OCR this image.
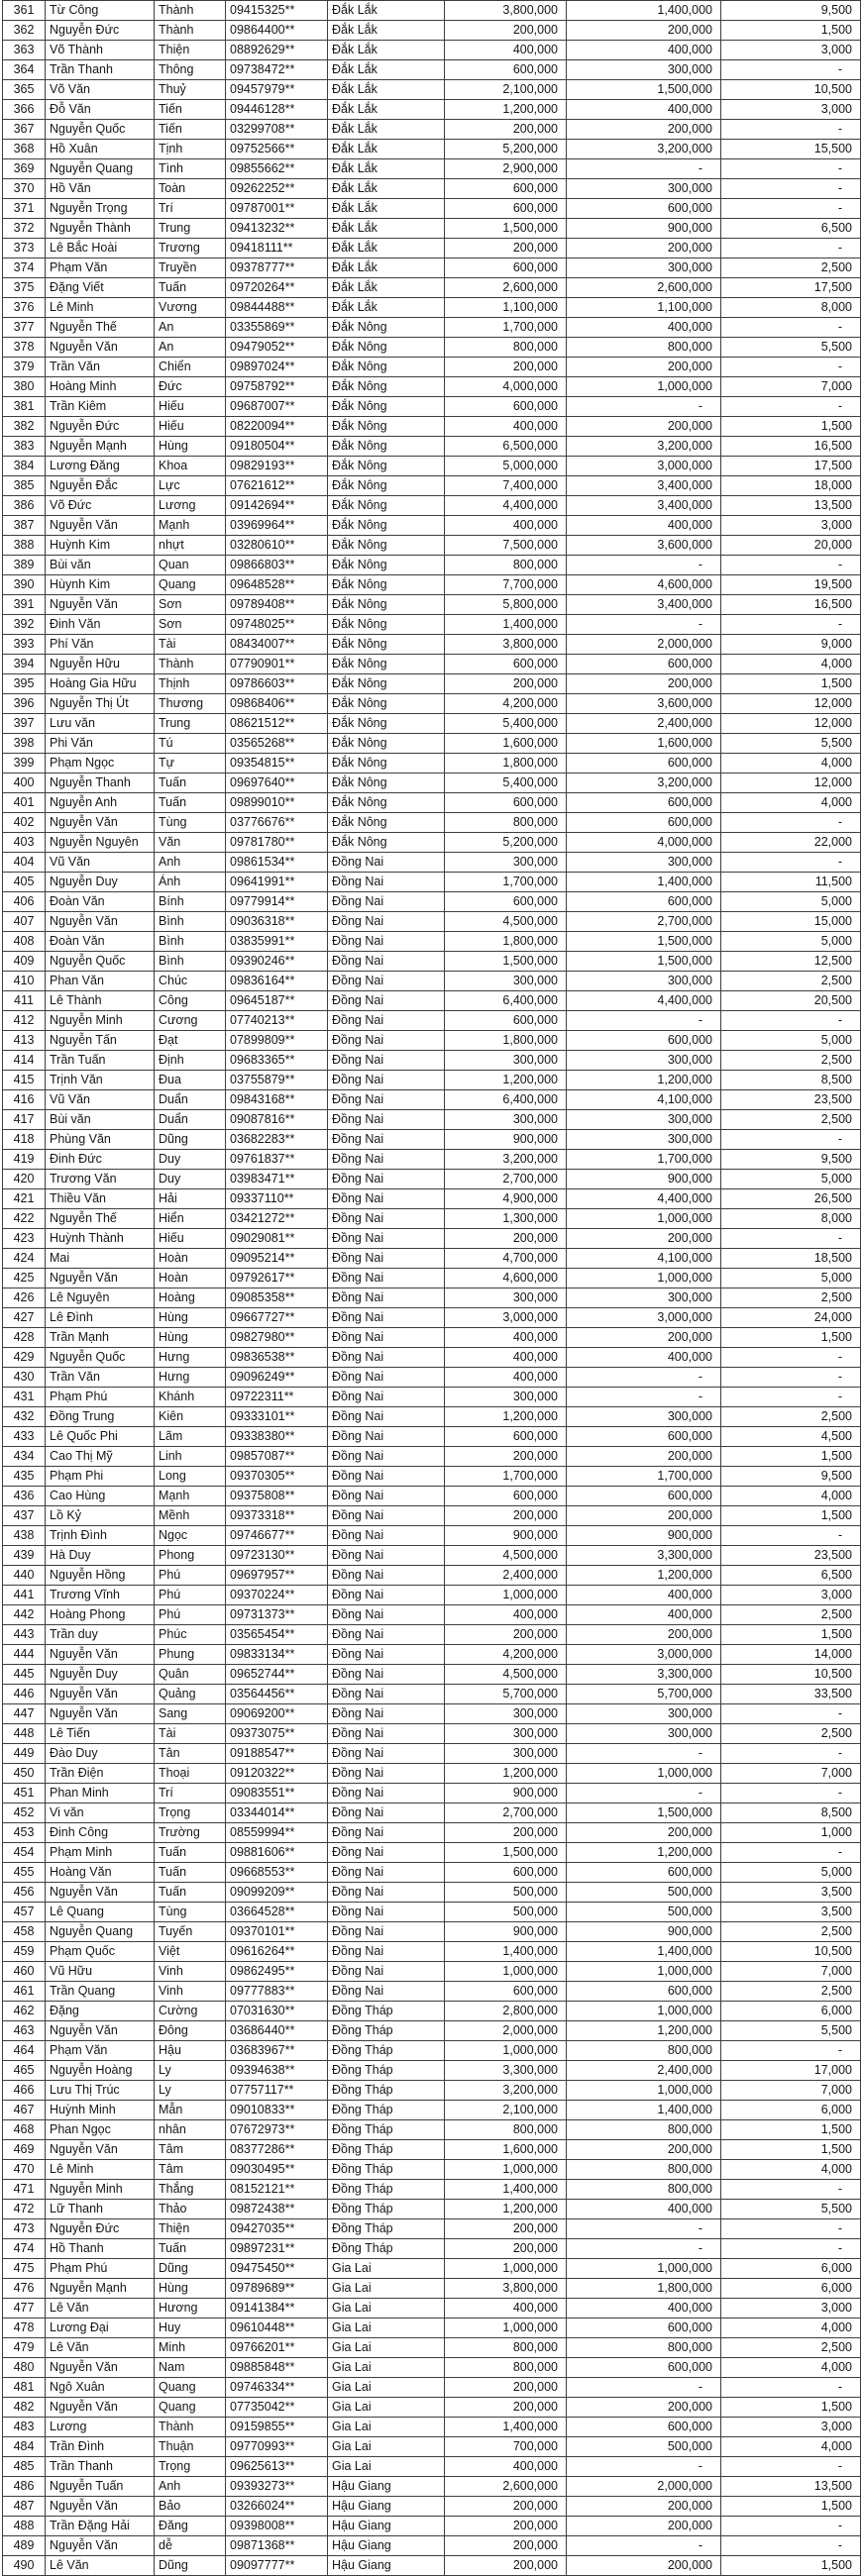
361	Từ Công	Thành	09415325**	Đắk Lắk	3,800,000	1,400,000	9,500
362	Nguyễn Đức	Thành	09864400**	Đắk Lắk	200,000	200,000	1,500
363	Võ Thành	Thiện	08892629**	Đắk Lắk	400,000	400,000	3,000
364	Trần Thanh	Thông	09738472**	Đắk Lắk	600,000	300,000	-
365	Võ Văn	Thuỷ	09457979**	Đắk Lắk	2,100,000	1,500,000	10,500
366	Đỗ Văn	Tiến	09446128**	Đắk Lắk	1,200,000	400,000	3,000
367	Nguyễn Quốc	Tiến	03299708**	Đắk Lắk	200,000	200,000	-
368	Hồ Xuân	Tịnh	09752566**	Đắk Lắk	5,200,000	3,200,000	15,500
369	Nguyễn Quang	Tình	09855662**	Đắk Lắk	2,900,000	-	-
370	Hồ Văn	Toàn	09262252**	Đắk Lắk	600,000	300,000	-
371	Nguyễn Trọng	Trí	09787001**	Đắk Lắk	600,000	600,000	-
372	Nguyễn Thành	Trung	09413232**	Đắk Lắk	1,500,000	900,000	6,500
373	Lê Bắc Hoài	Trương	09418111**	Đắk Lắk	200,000	200,000	-
374	Phạm Văn	Truyền	09378777**	Đắk Lắk	600,000	300,000	2,500
375	Đặng Viết	Tuấn	09720264**	Đắk Lắk	2,600,000	2,600,000	17,500
376	Lê Minh	Vương	09844488**	Đắk Lắk	1,100,000	1,100,000	8,000
377	Nguyễn Thế	An	03355869**	Đắk Nông	1,700,000	400,000	-
378	Nguyễn Văn	An	09479052**	Đắk Nông	800,000	800,000	5,500
379	Trần Văn	Chiển	09897024**	Đắk Nông	200,000	200,000	-
380	Hoàng Minh	Đức	09758792**	Đắk Nông	4,000,000	1,000,000	7,000
381	Trần Kiêm	Hiếu	09687007**	Đắk Nông	600,000	-	-
382	Nguyễn Đức	Hiếu	08220094**	Đắk Nông	400,000	200,000	1,500
383	Nguyễn Mạnh	Hùng	09180504**	Đắk Nông	6,500,000	3,200,000	16,500
384	Lương Đăng	Khoa	09829193**	Đắk Nông	5,000,000	3,000,000	17,500
385	Nguyễn Đắc	Lực	07621612**	Đắk Nông	7,400,000	3,400,000	18,000
386	Võ Đức	Lương	09142694**	Đắk Nông	4,400,000	3,400,000	13,500
387	Nguyễn Văn	Mạnh	03969964**	Đắk Nông	400,000	400,000	3,000
388	Huỳnh Kim	nhựt	03280610**	Đắk Nông	7,500,000	3,600,000	20,000
389	Bùi văn	Quan	09866803**	Đắk Nông	800,000	-	-
390	Hùynh Kim	Quang	09648528**	Đắk Nông	7,700,000	4,600,000	19,500
391	Nguyễn Văn	Sơn	09789408**	Đắk Nông	5,800,000	3,400,000	16,500
392	Đinh Văn	Sơn	09748025**	Đắk Nông	1,400,000	-	-
393	Phí Văn	Tài	08434007**	Đắk Nông	3,800,000	2,000,000	9,000
394	Nguyễn Hữu	Thành	07790901**	Đắk Nông	600,000	600,000	4,000
395	Hoàng Gia Hữu	Thịnh	09786603**	Đắk Nông	200,000	200,000	1,500
396	Nguyễn Thị Út	Thương	09868406**	Đắk Nông	4,200,000	3,600,000	12,000
397	Lưu văn	Trung	08621512**	Đắk Nông	5,400,000	2,400,000	12,000
398	Phi Văn	Tú	03565268**	Đắk Nông	1,600,000	1,600,000	5,500
399	Phạm Ngọc	Tự	09354815**	Đắk Nông	1,800,000	600,000	4,000
400	Nguyễn Thanh	Tuấn	09697640**	Đắk Nông	5,400,000	3,200,000	12,000
401	Nguyễn Anh	Tuấn	09899010**	Đắk Nông	600,000	600,000	4,000
402	Nguyễn Văn	Tùng	03776676**	Đắk Nông	800,000	600,000	-
403	Nguyễn Nguyên	Văn	09781780**	Đắk Nông	5,200,000	4,000,000	22,000
404	Vũ Văn	Anh	09861534**	Đồng Nai	300,000	300,000	-
405	Nguyễn Duy	Ánh	09641991**	Đồng Nai	1,700,000	1,400,000	11,500
406	Đoàn Văn	Bính	09779914**	Đồng Nai	600,000	600,000	5,000
407	Nguyễn Văn	Bình	09036318**	Đồng Nai	4,500,000	2,700,000	15,000
408	Đoàn Văn	Bình	03835991**	Đồng Nai	1,800,000	1,500,000	5,000
409	Nguyễn Quốc	Bình	09390246**	Đồng Nai	1,500,000	1,500,000	12,500
410	Phan Văn	Chúc	09836164**	Đồng Nai	300,000	300,000	2,500
411	Lê Thành	Công	09645187**	Đồng Nai	6,400,000	4,400,000	20,500
412	Nguyễn Minh	Cương	07740213**	Đồng Nai	600,000	-	-
413	Nguyễn Tấn	Đạt	07899809**	Đồng Nai	1,800,000	600,000	5,000
414	Trần Tuấn	Định	09683365**	Đồng Nai	300,000	300,000	2,500
415	Trịnh Văn	Đua	03755879**	Đồng Nai	1,200,000	1,200,000	8,500
416	Vũ Văn	Duẩn	09843168**	Đồng Nai	6,400,000	4,100,000	23,500
417	Bùi văn	Duẩn	09087816**	Đồng Nai	300,000	300,000	2,500
418	Phùng Văn	Dũng	03682283**	Đồng Nai	900,000	300,000	-
419	Đinh Đức	Duy	09761837**	Đồng Nai	3,200,000	1,700,000	9,500
420	Trương Văn	Duy	03983471**	Đồng Nai	2,700,000	900,000	5,000
421	Thiều Văn	Hải	09337110**	Đồng Nai	4,900,000	4,400,000	26,500
422	Nguyễn Thế	Hiển	03421272**	Đồng Nai	1,300,000	1,000,000	8,000
423	Huỳnh Thành	Hiếu	09029081**	Đồng Nai	200,000	200,000	-
424	Mai	Hoàn	09095214**	Đồng Nai	4,700,000	4,100,000	18,500
425	Nguyễn Văn	Hoàn	09792617**	Đồng Nai	4,600,000	1,000,000	5,000
426	Lê Nguyên	Hoàng	09085358**	Đồng Nai	300,000	300,000	2,500
427	Lê Đình	Hùng	09667727**	Đồng Nai	3,000,000	3,000,000	24,000
428	Trần Mạnh	Hùng	09827980**	Đồng Nai	400,000	200,000	1,500
429	Nguyễn Quốc	Hưng	09836538**	Đồng Nai	400,000	400,000	-
430	Trần Văn	Hưng	09096249**	Đồng Nai	400,000	-	-
431	Phạm Phú	Khánh	09722311**	Đồng Nai	300,000	-	-
432	Đồng Trung	Kiên	09333101**	Đồng Nai	1,200,000	300,000	2,500
433	Lê Quốc Phi	Lãm	09338380**	Đồng Nai	600,000	600,000	4,500
434	Cao Thị Mỹ	Linh	09857087**	Đồng Nai	200,000	200,000	1,500
435	Phạm Phi	Long	09370305**	Đồng Nai	1,700,000	1,700,000	9,500
436	Cao Hùng	Mạnh	09375808**	Đồng Nai	600,000	600,000	4,000
437	Lồ Kỷ	Mềnh	09373318**	Đồng Nai	200,000	200,000	1,500
438	Trịnh Đình	Ngọc	09746677**	Đồng Nai	900,000	900,000	-
439	Hà Duy	Phong	09723130**	Đồng Nai	4,500,000	3,300,000	23,500
440	Nguyễn Hồng	Phú	09697957**	Đồng Nai	2,400,000	1,200,000	6,500
441	Trương Vĩnh	Phú	09370224**	Đồng Nai	1,000,000	400,000	3,000
442	Hoàng Phong	Phú	09731373**	Đồng Nai	400,000	400,000	2,500
443	Trần duy	Phúc	03565454**	Đồng Nai	200,000	200,000	1,500
444	Nguyễn Văn	Phung	09833134**	Đồng Nai	4,200,000	3,000,000	14,000
445	Nguyễn Duy	Quân	09652744**	Đồng Nai	4,500,000	3,300,000	10,500
446	Nguyễn Văn	Quảng	03564456**	Đồng Nai	5,700,000	5,700,000	33,500
447	Nguyễn Văn	Sang	09069200**	Đồng Nai	300,000	300,000	-
448	Lê Tiến	Tài	09373075**	Đồng Nai	300,000	300,000	2,500
449	Đào Duy	Tân	09188547**	Đồng Nai	300,000	-	-
450	Trần Điện	Thoại	09120322**	Đồng Nai	1,200,000	1,000,000	7,000
451	Phan Minh	Trí	09083551**	Đồng Nai	900,000	-	-
452	Vi văn	Trọng	03344014**	Đồng Nai	2,700,000	1,500,000	8,500
453	Đinh Công	Trường	08559994**	Đồng Nai	200,000	200,000	1,000
454	Phạm Minh	Tuấn	09881606**	Đồng Nai	1,500,000	1,200,000	-
455	Hoàng Văn	Tuấn	09668553**	Đồng Nai	600,000	600,000	5,000
456	Nguyễn Văn	Tuấn	09099209**	Đồng Nai	500,000	500,000	3,500
457	Lê Quang	Tùng	03664528**	Đồng Nai	500,000	500,000	3,500
458	Nguyễn Quang	Tuyến	09370101**	Đồng Nai	900,000	900,000	2,500
459	Phạm Quốc	Việt	09616264**	Đồng Nai	1,400,000	1,400,000	10,500
460	Vũ Hữu	Vinh	09862495**	Đồng Nai	1,000,000	1,000,000	7,000
461	Trần Quang	Vinh	09777883**	Đồng Nai	600,000	600,000	2,500
462	Đặng	Cường	07031630**	Đồng Tháp	2,800,000	1,000,000	6,000
463	Nguyễn Văn	Đông	03686440**	Đồng Tháp	2,000,000	1,200,000	5,500
464	Phạm Văn	Hậu	03683967**	Đồng Tháp	1,000,000	800,000	-
465	Nguyễn Hoàng	Ly	09394638**	Đồng Tháp	3,300,000	2,400,000	17,000
466	Lưu Thị Trúc	Ly	07757117**	Đồng Tháp	3,200,000	1,000,000	7,000
467	Huỳnh Minh	Mẫn	09010833**	Đồng Tháp	2,100,000	1,400,000	6,000
468	Phan Ngọc	nhân	07672973**	Đồng Tháp	800,000	800,000	1,500
469	Nguyễn Văn	Tâm	08377286**	Đồng Tháp	1,600,000	200,000	1,500
470	Lê Minh	Tâm	09030495**	Đồng Tháp	1,000,000	800,000	4,000
471	Nguyễn Minh	Thắng	08152121**	Đồng Tháp	1,400,000	800,000	-
472	Lữ Thanh	Thảo	09872438**	Đồng Tháp	1,200,000	400,000	5,500
473	Nguyễn Đức	Thiện	09427035**	Đồng Tháp	200,000	-	-
474	Hồ Thanh	Tuấn	09897231**	Đồng Tháp	200,000	-	-
475	Phạm Phú	Dũng	09475450**	Gia Lai	1,000,000	1,000,000	6,000
476	Nguyễn Mạnh	Hùng	09789689**	Gia Lai	3,800,000	1,800,000	6,000
477	Lê Văn	Hương	09141384**	Gia Lai	400,000	400,000	3,000
478	Lương Đại	Huy	09610448**	Gia Lai	1,000,000	600,000	4,000
479	Lê Văn	Minh	09766201**	Gia Lai	800,000	800,000	2,500
480	Nguyễn Văn	Nam	09885848**	Gia Lai	800,000	600,000	4,000
481	Ngô Xuân	Quang	09746334**	Gia Lai	200,000	-	-
482	Nguyễn Văn	Quang	07735042**	Gia Lai	200,000	200,000	1,500
483	Lương	Thành	09159855**	Gia Lai	1,400,000	600,000	3,000
484	Trần Đình	Thuận	09770993**	Gia Lai	700,000	500,000	4,000
485	Trần Thanh	Trọng	09625613**	Gia Lai	400,000	-	-
486	Nguyễn Tuấn	Anh	09393273**	Hậu Giang	2,600,000	2,000,000	13,500
487	Nguyễn Văn	Bảo	03266024**	Hậu Giang	200,000	200,000	1,500
488	Trần Đặng Hải	Đăng	09398008**	Hậu Giang	200,000	200,000	-
489	Nguyễn Văn	dễ	09871368**	Hậu Giang	200,000	-	-
490	Lê Văn	Dũng	09097777**	Hậu Giang	200,000	200,000	1,500
